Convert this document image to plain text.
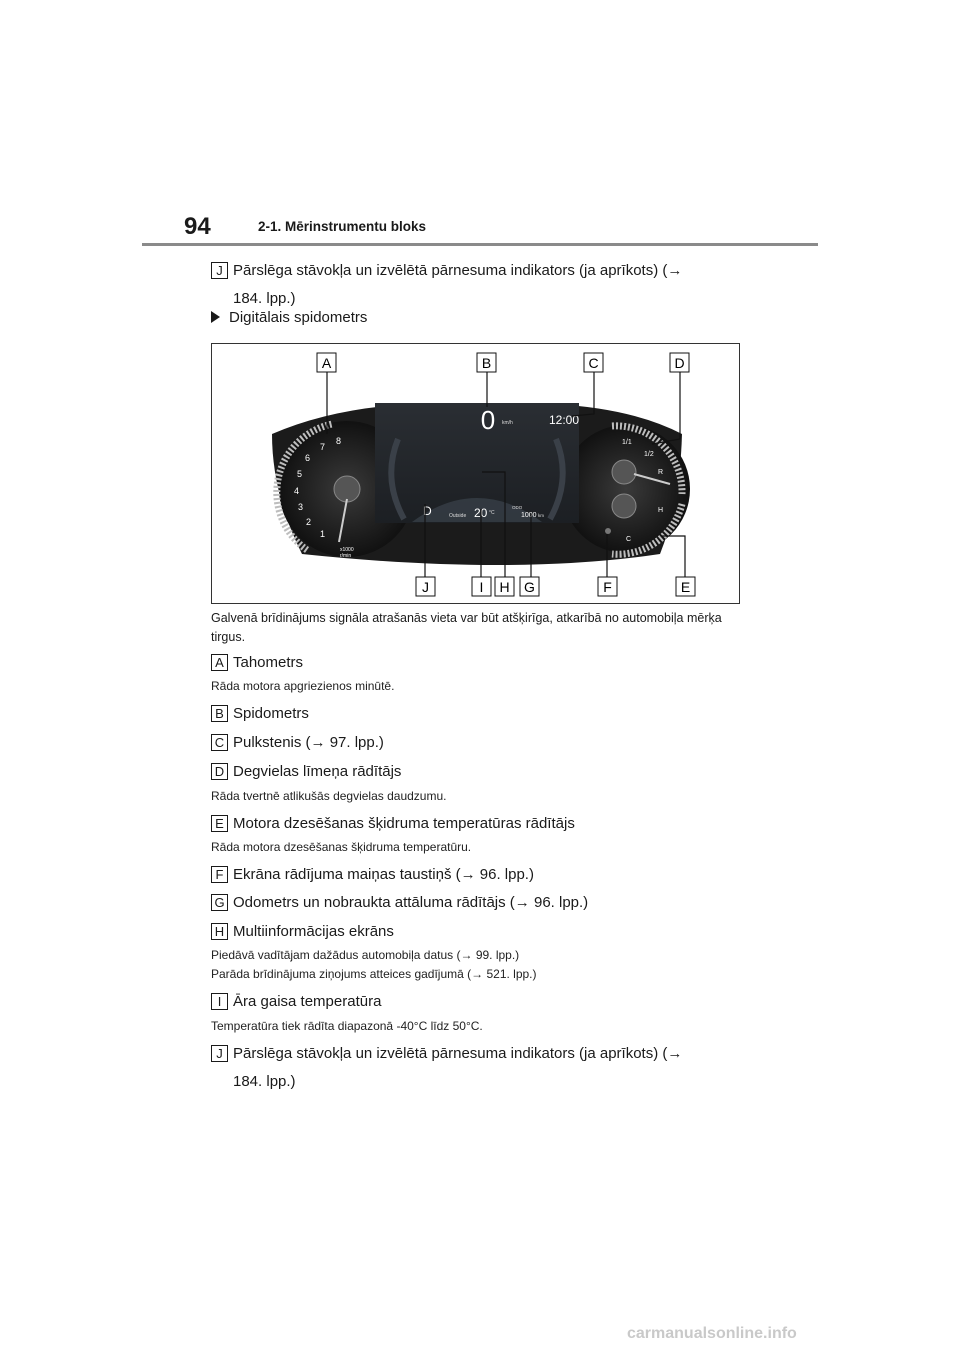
94	2-1. Mērinstrumentu bloks
J Pārslēga stāvokļa un izvēlētā pārnesuma indikators (ja aprīkots) (→
184. lpp.)
Digitālais spidometrs
0 km/h	12:00
D	Outside 20 °C
ODO
1000 km
1
2
3
4
5
6
7
8
x1000
r/min
1/1
1/2
R
H
C
A	B	C	D
J	I H G	F	E
Galvenā brīdinājums signāla atrašanās vieta var būt atšķirīga, atkarībā no automobiļa mērķa tirgus.
A Tahometrs
Rāda motora apgriezienos minūtē.
B Spidometrs
C Pulkstenis (→ 97. lpp.)
D Degvielas līmeņa rādītājs
Rāda tvertnē atlikušās degvielas daudzumu.
E Motora dzesēšanas šķidruma temperatūras rādītājs
Rāda motora dzesēšanas šķidruma temperatūru.
F Ekrāna rādījuma maiņas taustiņš (→ 96. lpp.)
G Odometrs un nobraukta attāluma rādītājs (→ 96. lpp.)
H Multiinformācijas ekrāns
Piedāvā vadītājam dažādus automobiļa datus (→ 99. lpp.)
Parāda brīdinājuma ziņojums atteices gadījumā (→ 521. lpp.)
I Āra gaisa temperatūra
Temperatūra tiek rādīta diapazonā -40°C līdz 50°C.
J Pārslēga stāvokļa un izvēlētā pārnesuma indikators (ja aprīkots) (→
184. lpp.)
carmanualsonline.info
